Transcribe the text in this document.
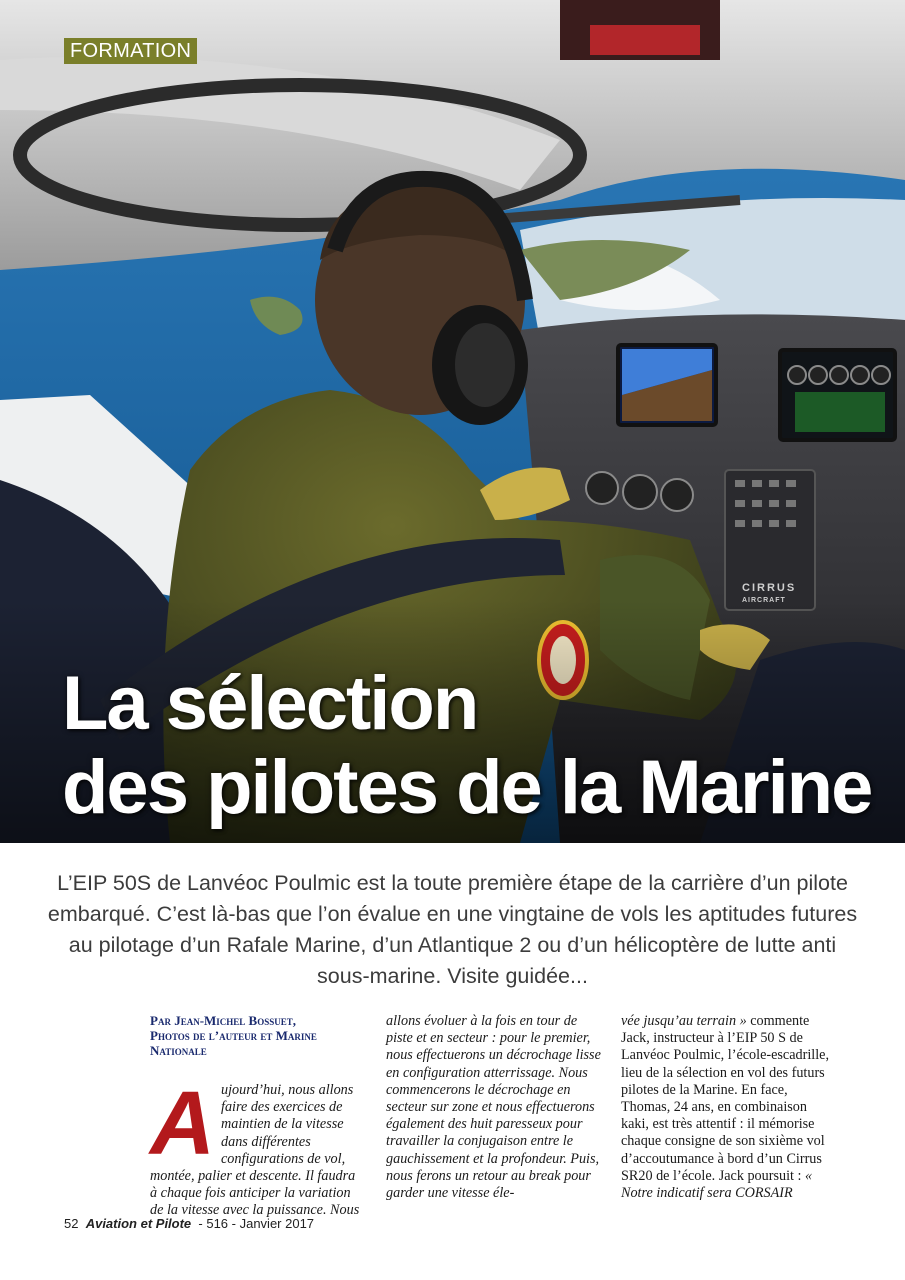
CIRRUS
AIRCRAFT
FORMATION
La sélection
des pilotes de la Marine

L’EIP 50S de Lanvéoc Poulmic est la toute première étape de la carrière d’un pilote embarqué. C’est là-bas que l’on évalue en une vingtaine de vols les aptitudes futures au pilotage d’un Rafale Marine, d’un Atlantique 2 ou d’un hélicoptère de lutte anti sous-marine. Visite guidée...

Par Jean-Michel Bossuet,
Photos de l’auteur et Marine Nationale

Aujourd’hui, nous allons faire des exercices de maintien de la vitesse dans différentes configurations de vol, montée, palier et descente. Il faudra à chaque fois anticiper la variation de la vitesse avec la puissance. Nous

allons évoluer à la fois en tour de piste et en secteur : pour le premier, nous effectuerons un décrochage lisse en configuration atterrissage. Nous commencerons le décrochage en secteur sur zone et nous effectuerons également des huit paresseux pour travailler la conjugaison entre le gauchissement et la profondeur. Puis, nous ferons un retour au break pour garder une vitesse éle-

vée jusqu’au terrain » commente Jack, instructeur à l’EIP 50 S de Lanvéoc Poulmic, l’école-escadrille, lieu de la sélection en vol des futurs pilotes de la Marine. En face, Thomas, 24 ans, en combinaison kaki, est très attentif : il mémorise chaque consigne de son sixième vol d’accoutumance à bord d’un Cirrus SR20 de l’école. Jack poursuit : « Notre indicatif sera CORSAIR

52 Aviation et Pilote - 516 - Janvier 2017
